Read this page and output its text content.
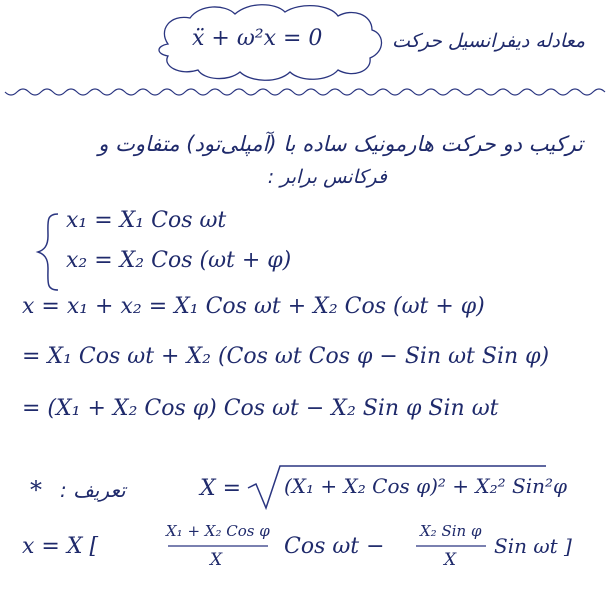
ẍ + ω²x = 0	معادله دیفرانسیل حرکت
ترکیب دو حرکت هارمونیک ساده با (آمپلی‌تود) متفاوت و
فرکانس برابر :
x₁ = X₁ Cos ωt
x₂ = X₂ Cos (ωt + φ)
x = x₁ + x₂ = X₁ Cos ωt + X₂ Cos (ωt + φ)
= X₁ Cos ωt + X₂ (Cos ωt Cos φ − Sin ωt Sin φ)
= (X₁ + X₂ Cos φ) Cos ωt − X₂ Sin φ Sin ωt
* تعریف :	X = (X₁ + X₂ Cos φ)² + X₂² Sin²φ
x = X [
X₁ + X₂ Cos φ
X
Cos ωt −
X₂ Sin φ
X
Sin ωt ]
